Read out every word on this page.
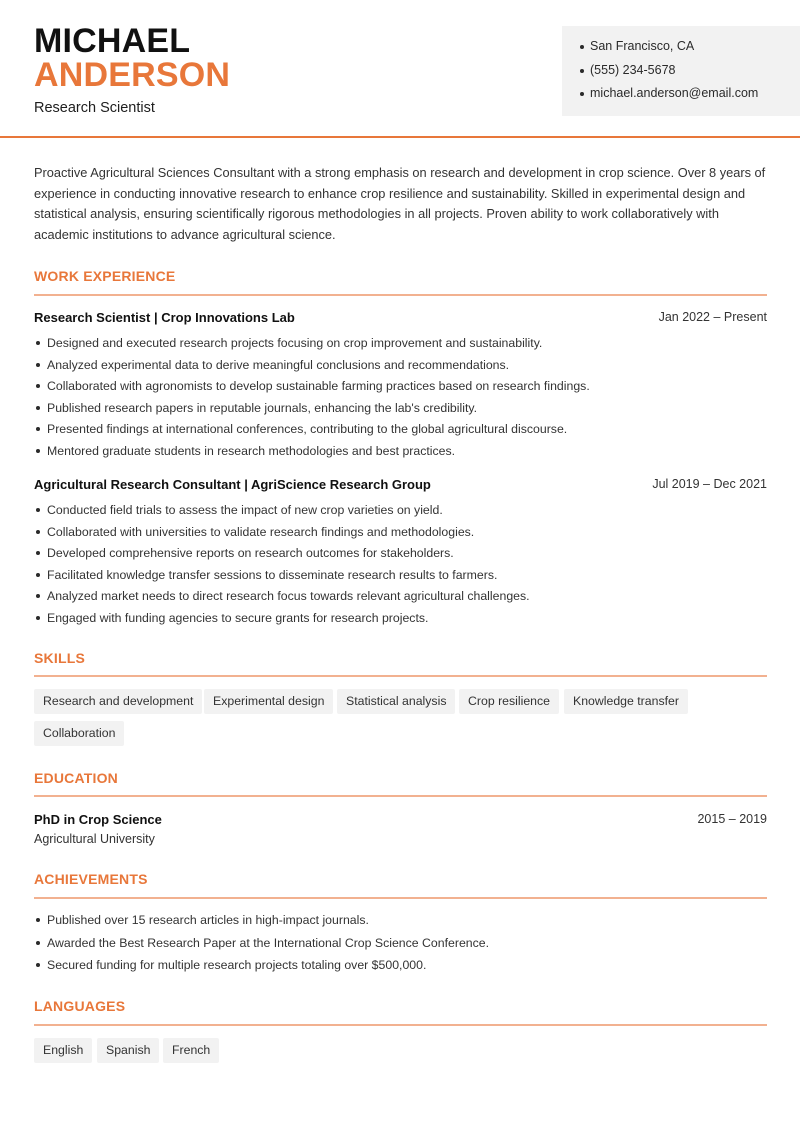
MICHAEL
ANDERSON
Research Scientist
San Francisco, CA
(555) 234-5678
michael.anderson@email.com

Proactive Agricultural Sciences Consultant with a strong emphasis on research and development in crop science. Over 8 years of experience in conducting innovative research to enhance crop resilience and sustainability. Skilled in experimental design and statistical analysis, ensuring scientifically rigorous methodologies in all projects. Proven ability to work collaboratively with academic institutions to advance agricultural science.

WORK EXPERIENCE
Research Scientist | Crop Innovations Lab	Jan 2022 – Present
Designed and executed research projects focusing on crop improvement and sustainability.
Analyzed experimental data to derive meaningful conclusions and recommendations.
Collaborated with agronomists to develop sustainable farming practices based on research findings.
Published research papers in reputable journals, enhancing the lab's credibility.
Presented findings at international conferences, contributing to the global agricultural discourse.
Mentored graduate students in research methodologies and best practices.
Agricultural Research Consultant | AgriScience Research Group	Jul 2019 – Dec 2021
Conducted field trials to assess the impact of new crop varieties on yield.
Collaborated with universities to validate research findings and methodologies.
Developed comprehensive reports on research outcomes for stakeholders.
Facilitated knowledge transfer sessions to disseminate research results to farmers.
Analyzed market needs to direct research focus towards relevant agricultural challenges.
Engaged with funding agencies to secure grants for research projects.
SKILLS
Research and development	Experimental design	Statistical analysis	Crop resilience	Knowledge transfer
Collaboration
EDUCATION
PhD in Crop Science
Agricultural University
2015 – 2019
ACHIEVEMENTS
Published over 15 research articles in high-impact journals.
Awarded the Best Research Paper at the International Crop Science Conference.
Secured funding for multiple research projects totaling over $500,000.
LANGUAGES
English	Spanish	French
